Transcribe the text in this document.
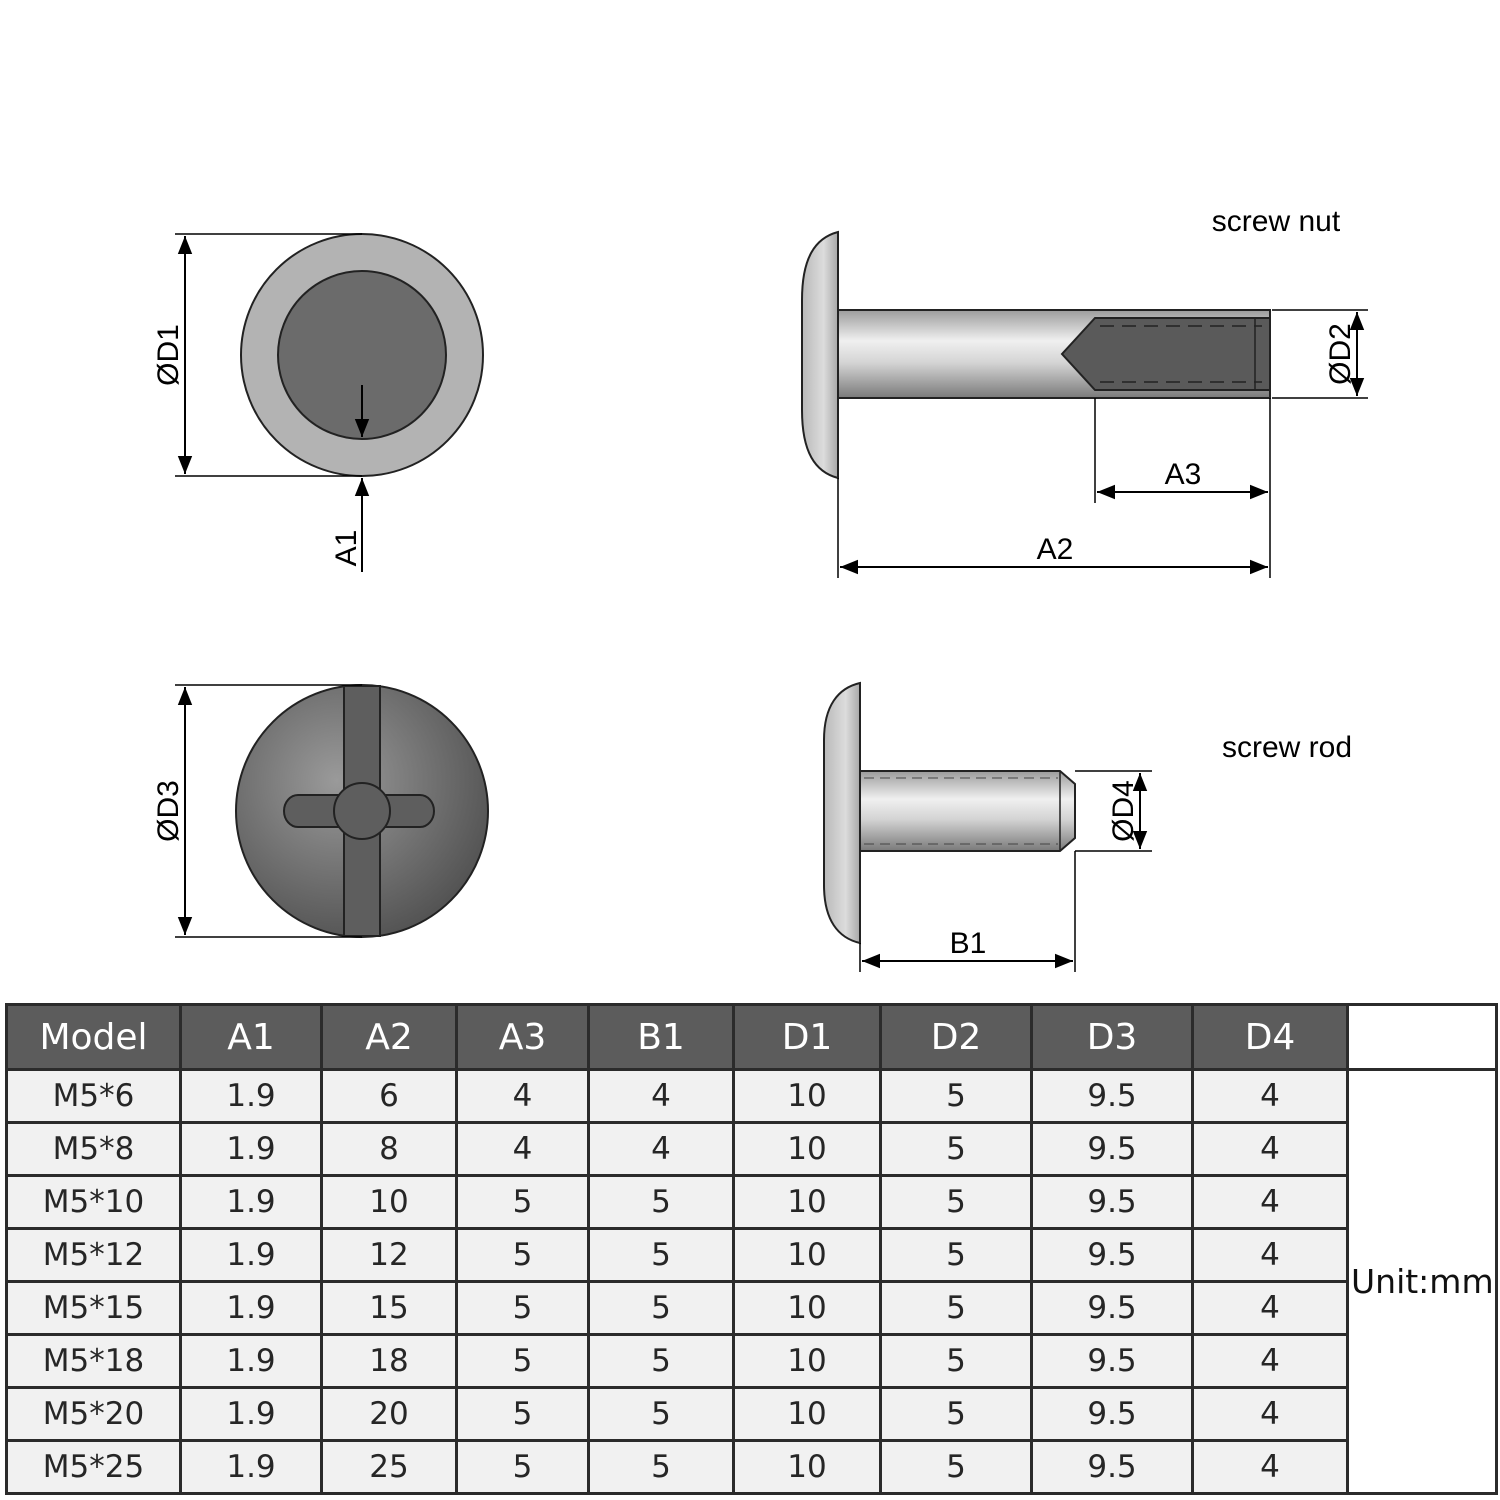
ØD1
A1
ØD2
A3
A2
screw nut
ØD3	ØD4
B1
screw rod
Model	A1	A2	A3	B1	D1	D2	D3	D4	
M5*6	1.9	6	4	4	10	5	9.5	4	Unit:mm
M5*8	1.9	8	4	4	10	5	9.5	4	
M5*10	1.9	10	5	5	10	5	9.5	4	
M5*12	1.9	12	5	5	10	5	9.5	4	
M5*15	1.9	15	5	5	10	5	9.5	4	
M5*18	1.9	18	5	5	10	5	9.5	4	
M5*20	1.9	20	5	5	10	5	9.5	4	
M5*25	1.9	25	5	5	10	5	9.5	4	
